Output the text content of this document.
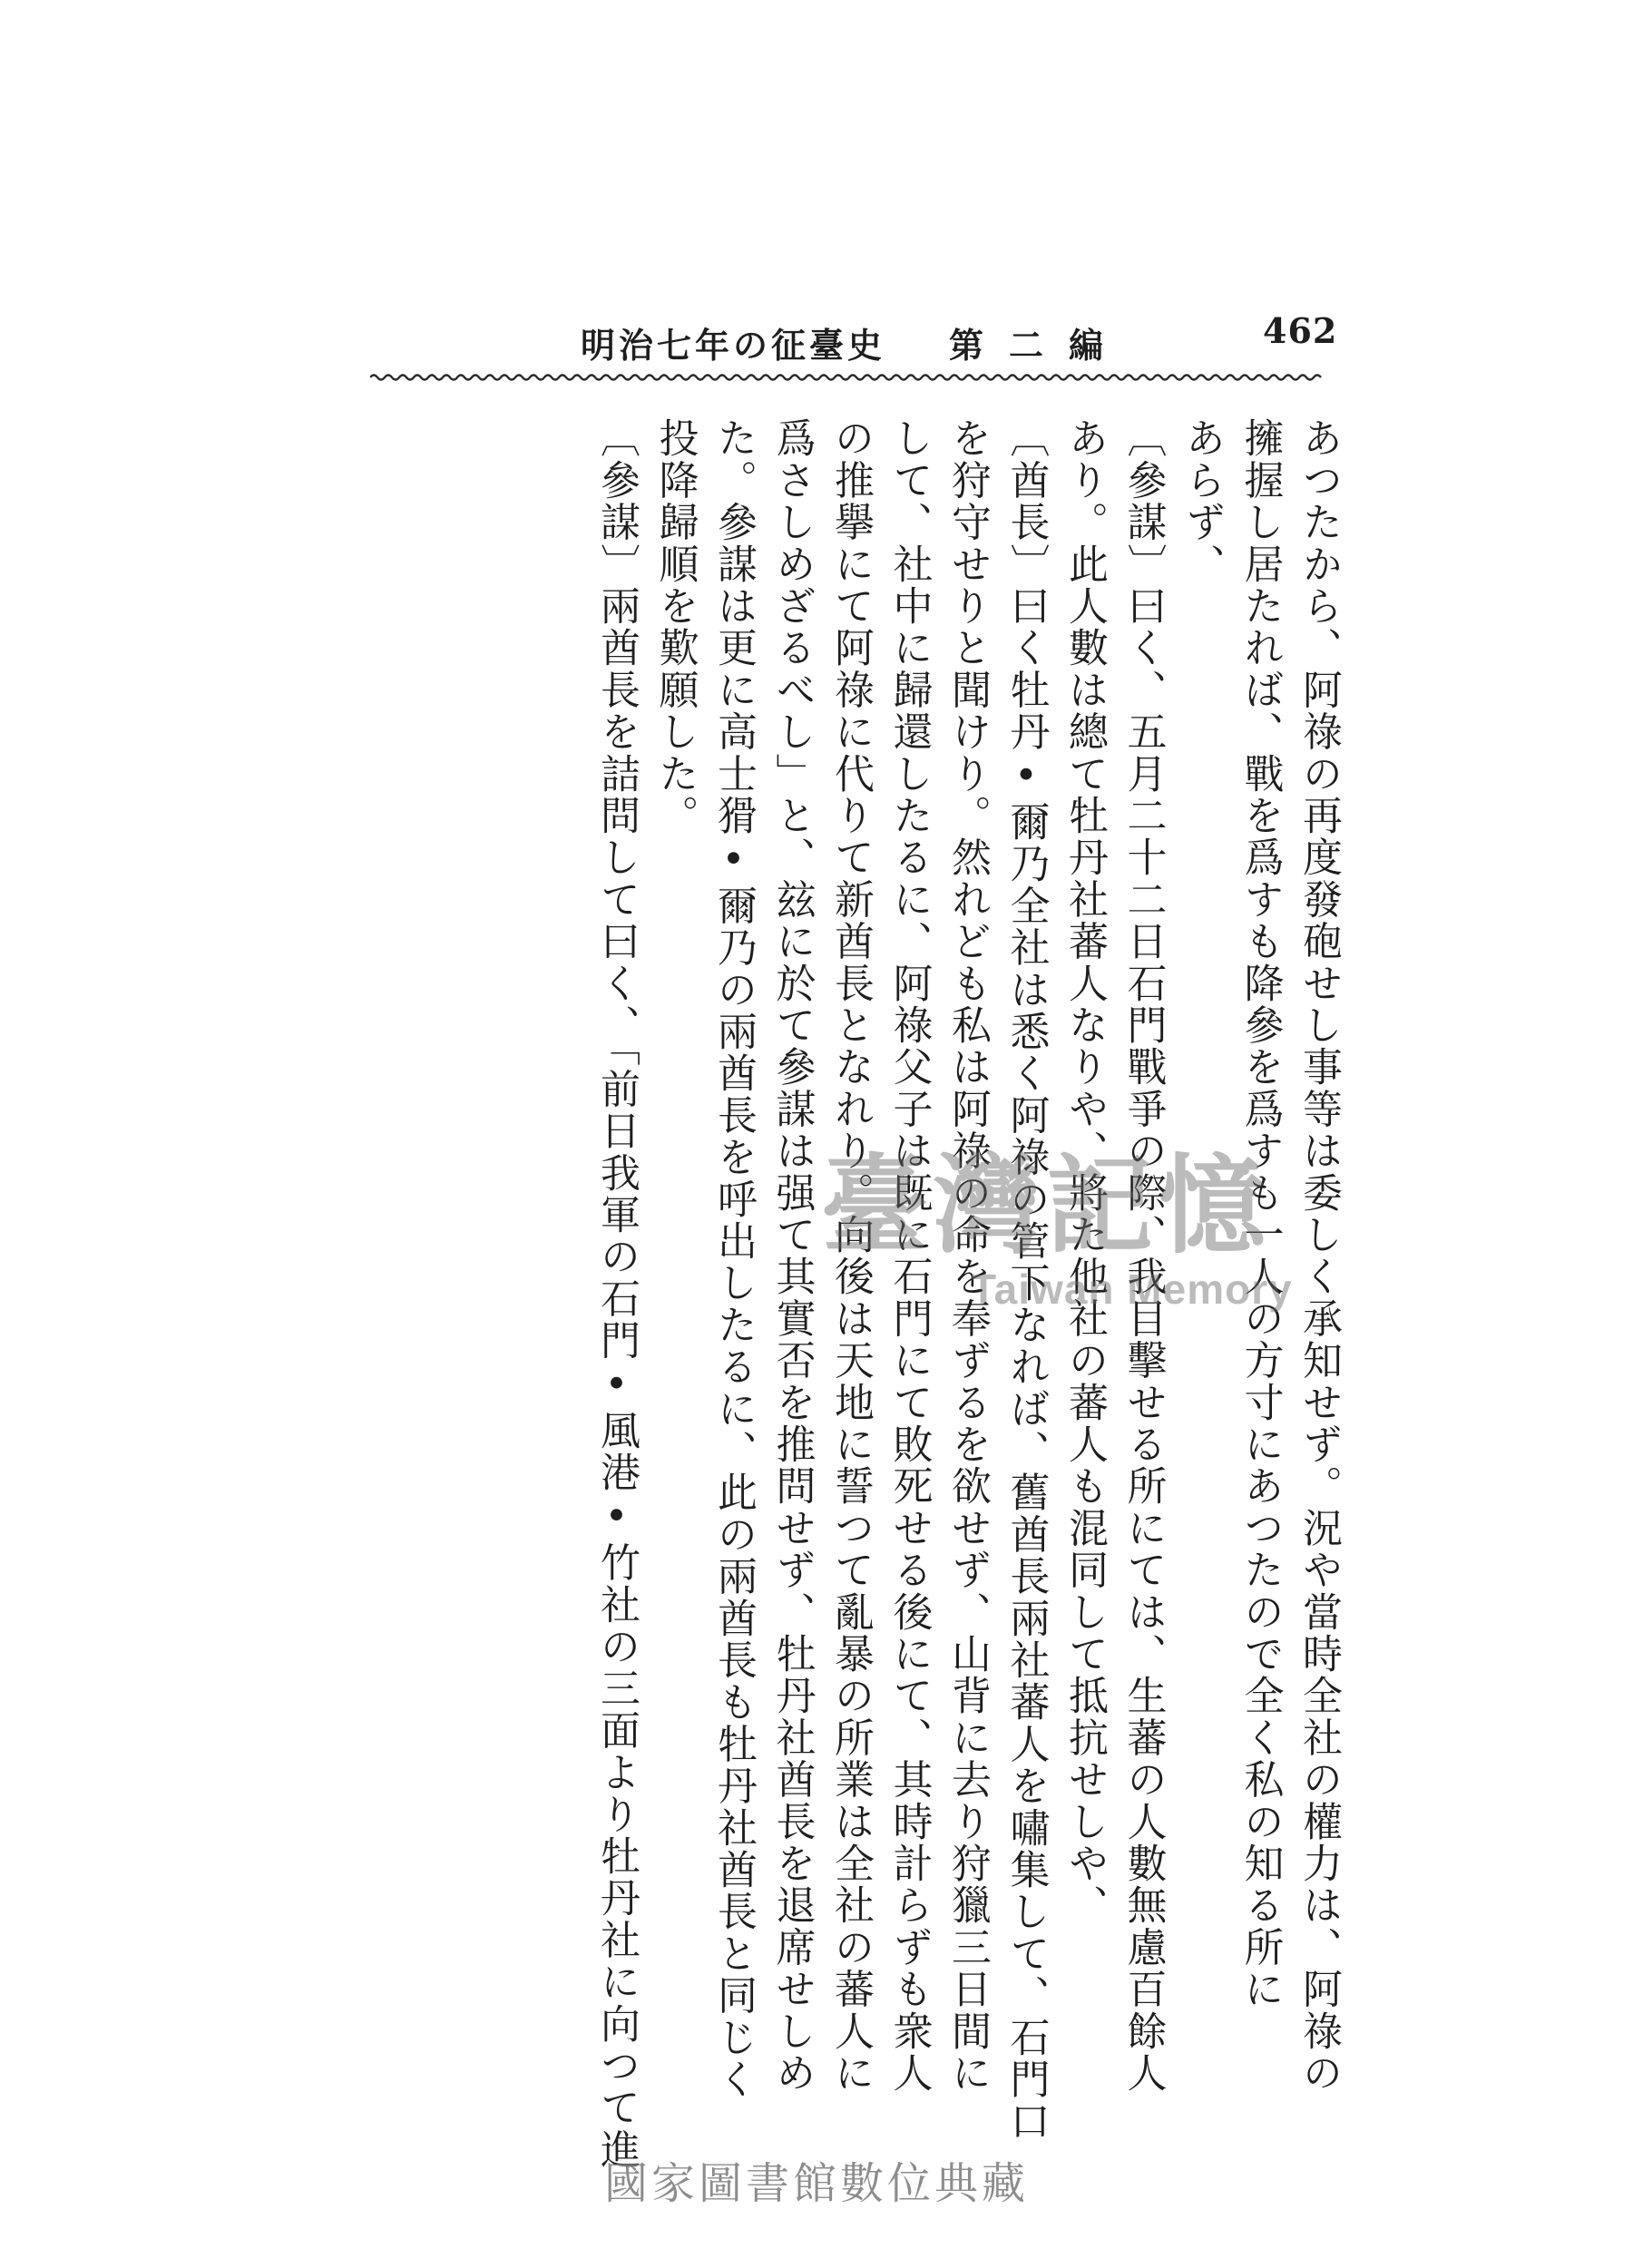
462
第二編
明治七年の征臺史
あつたから、阿祿の再度發砲せし事等は委しく承知せず。況や當時全社の權力は、阿祿の
擁握し居たれば、戰を爲すも降參を爲すも一人の方寸にあつたので全く私の知る所に
あらず、
〔參謀〕曰く、五月二十二日石門戰爭の際、我目擊せる所にては、生蕃の人數無慮百餘人
あり。此人數は總て牡丹社蕃人なりや、將た他社の蕃人も混同して抵抗せしや、
〔酋長〕曰く牡丹•爾乃全社は悉く阿祿の管下なれば、舊酋長兩社蕃人を嘯集して、石門口
を狩守せりと聞けり。然れども私は阿祿の命を奉ずるを欲せず、山背に去り狩獵三日間に
して、社中に歸還したるに、阿祿父子は既に石門にて敗死せる後にて、其時計らずも衆人
の推擧にて阿祿に代りて新酋長となれり。向後は天地に誓つて亂暴の所業は全社の蕃人に
爲さしめざるべし」と、玆に於て參謀は强て其實否を推問せず、牡丹社酋長を退席せしめ
た。參謀は更に高士猾•爾乃の兩酋長を呼出したるに、此の兩酋長も牡丹社酋長と同じく
投降歸順を歎願した。
〔參謀〕兩酋長を詰問して曰く、「前日我軍の石門•風港•竹社の三面より牡丹社に向つて進 臺灣記憶
Taiwan Memory
國家圖書館數位典藏
